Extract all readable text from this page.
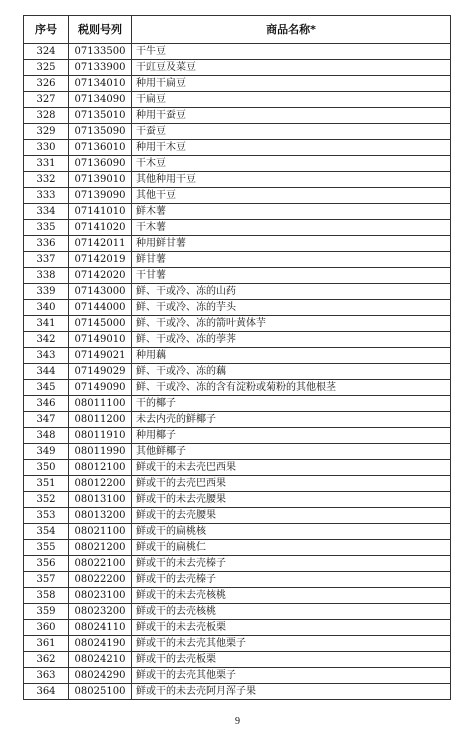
序号	税则号列	商品名称*
324	07133500	干牛豆
325	07133900	干豇豆及菜豆
326	07134010	种用干扁豆
327	07134090	干扁豆
328	07135010	种用干蚕豆
329	07135090	干蚕豆
330	07136010	种用干木豆
331	07136090	干木豆
332	07139010	其他种用干豆
333	07139090	其他干豆
334	07141010	鲜木薯
335	07141020	干木薯
336	07142011	种用鲜甘薯
337	07142019	鲜甘薯
338	07142020	干甘薯
339	07143000	鲜、干或冷、冻的山药
340	07144000	鲜、干或冷、冻的芋头
341	07145000	鲜、干或冷、冻的箭叶黄体芋
342	07149010	鲜、干或冷、冻的荸荠
343	07149021	种用藕
344	07149029	鲜、干或冷、冻的藕
345	07149090	鲜、干或冷、冻的含有淀粉或菊粉的其他根茎
346	08011100	干的椰子
347	08011200	未去内壳的鲜椰子
348	08011910	种用椰子
349	08011990	其他鲜椰子
350	08012100	鲜或干的未去壳巴西果
351	08012200	鲜或干的去壳巴西果
352	08013100	鲜或干的未去壳腰果
353	08013200	鲜或干的去壳腰果
354	08021100	鲜或干的扁桃核
355	08021200	鲜或干的扁桃仁
356	08022100	鲜或干的未去壳榛子
357	08022200	鲜或干的去壳榛子
358	08023100	鲜或干的未去壳核桃
359	08023200	鲜或干的去壳核桃
360	08024110	鲜或干的未去壳板栗
361	08024190	鲜或干的未去壳其他栗子
362	08024210	鲜或干的去壳板栗
363	08024290	鲜或干的去壳其他栗子
364	08025100	鲜或干的未去壳阿月浑子果
9
